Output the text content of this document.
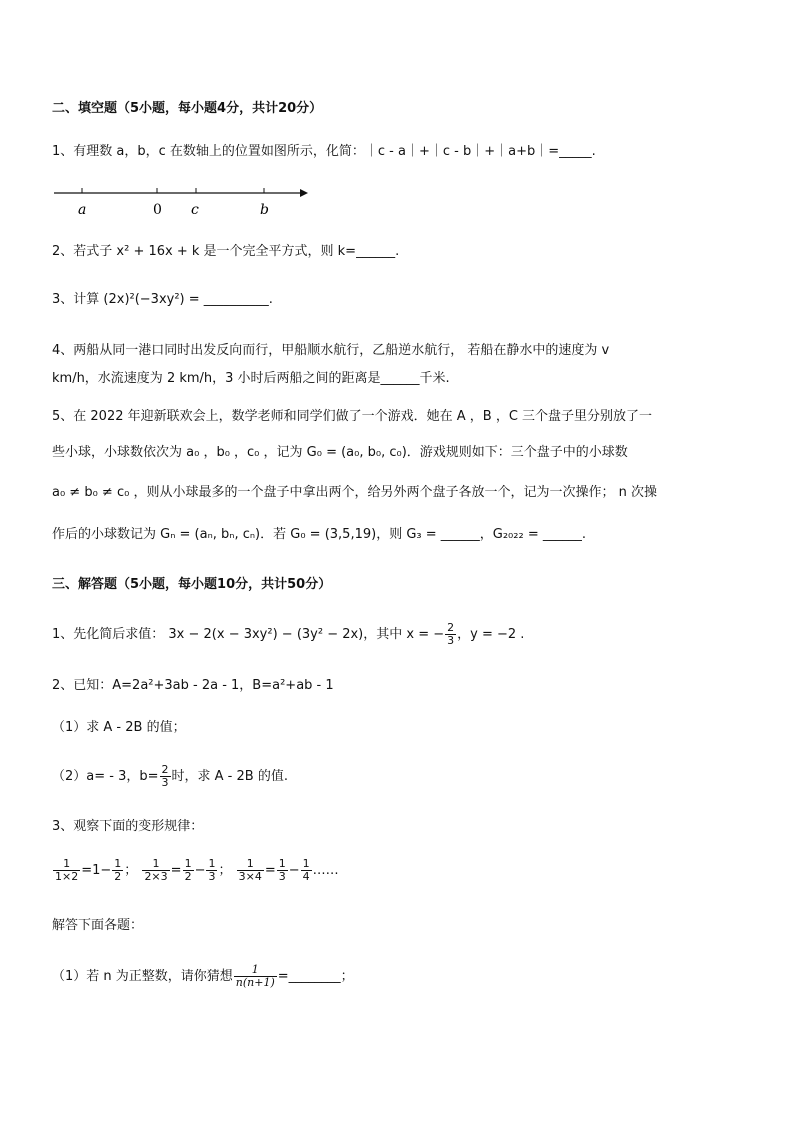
二、填空题（5小题，每小题4分，共计20分）
1、有理数 a，b，c 在数轴上的位置如图所示，化简：｜c - a｜+｜c - b｜+｜a+b｜=_____.
a	0 c	b
2、若式子 x² + 16x + k 是一个完全平方式，则 k=______.
3、计算 (2x)²(−3xy²) = __________.
4、两船从同一港口同时出发反向而行，甲船顺水航行，乙船逆水航行， 若船在静水中的速度为 v
km/h，水流速度为 2 km/h，3 小时后两船之间的距离是______千米.
5、在 2022 年迎新联欢会上，数学老师和同学们做了一个游戏．她在 A ，B ，C 三个盘子里分别放了一
些小球，小球数依次为 a₀ ，b₀ ，c₀ ，记为 G₀ = (a₀, b₀, c₀)．游戏规则如下：三个盘子中的小球数
a₀ ≠ b₀ ≠ c₀ ，则从小球最多的一个盘子中拿出两个，给另外两个盘子各放一个，记为一次操作； n 次操
作后的小球数记为 Gₙ = (aₙ, bₙ, cₙ)．若 G₀ = (3,5,19)，则 G₃ = ______，G₂₀₂₂ = ______.
三、解答题（5小题，每小题10分，共计50分）
1、先化简后求值： 3x − 2(x − 3xy²) − (3y² − 2x)，其中 x = − $\frac{2}{3}$ ，y = −2 .
2、已知：A=2a²+3ab - 2a - 1，B=a²+ab - 1
（1）求 A - 2B 的值；
（2）a= - 3，$b= \frac{2}{3}$ 时，求 A - 2B 的值.
3、观察下面的变形规律：
$\frac{1}{1\times 2} =1- \frac{1}{2}$ ； $\frac{1}{2\times 3} = \frac{1}{2} - \frac{1}{3}$ ； $\frac{1}{3\times 4} = \frac{1}{3} - \frac{1}{4}$ ……
解答下面各题：
（1）若 n 为正整数，请你猜想 $\frac{1}{n(n+1)}$ =________；
